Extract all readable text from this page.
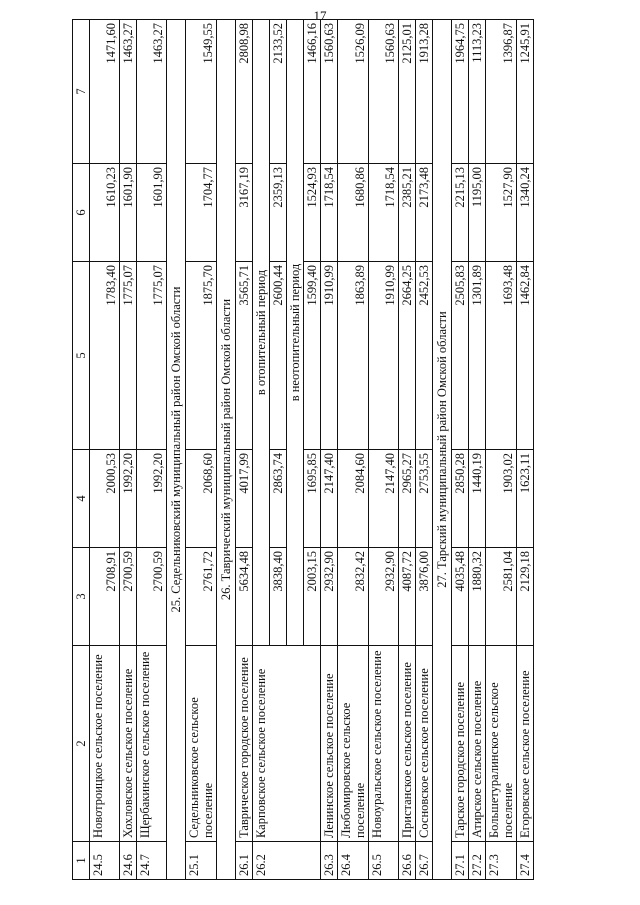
17
1	2	3	4	5	6	7
24.5	Новотроицкое сельское поселение	2708,91	2000,53	1783,40	1610,23	1471,60
24.6	Хохловское сельское поселение	2700,59	1992,20	1775,07	1601,90	1463,27
24.7	Щербакинское сельское поселение	2700,59	1992,20	1775,07	1601,90	1463,27
25. Седельниковский муниципальный район Омской области						
25.1	Седельниковское сельское поселение	2761,72	2068,60	1875,70	1704,77	1549,55
26. Таврический муниципальный район Омской области						
26.1	Таврическое городское поселение	5634,48	4017,99	3565,71	3167,19	2808,98
26.2	Карповское сельское поселение	в отопительный период				
		3838,40	2863,74	2600,44	2359,13	2133,52
		в неотопительный период				
		2003,15	1695,85	1599,40	1524,93	1466,16
26.3	Ленинское сельское поселение	2932,90	2147,40	1910,99	1718,54	1560,63
26.4	Любомировское сельское поселение	2832,42	2084,60	1863,89	1680,86	1526,09
26.5	Новоуральское сельское поселение	2932,90	2147,40	1910,99	1718,54	1560,63
26.6	Пристанское сельское поселение	4087,72	2965,27	2664,25	2385,21	2125,01
26.7	Сосновское сельское поселение	3876,00	2753,55	2452,53	2173,48	1913,28
27. Тарский муниципальный район Омской области						
27.1	Тарское городское поселение	4035,48	2850,28	2505,83	2215,13	1964,75
27.2	Атирское сельское поселение	1880,32	1440,19	1301,89	1195,00	1113,23
27.3	Большетуралинское сельское поселение	2581,04	1903,02	1693,48	1527,90	1396,87
27.4	Егоровское сельское поселение	2129,18	1623,11	1462,84	1340,24	1245,91
